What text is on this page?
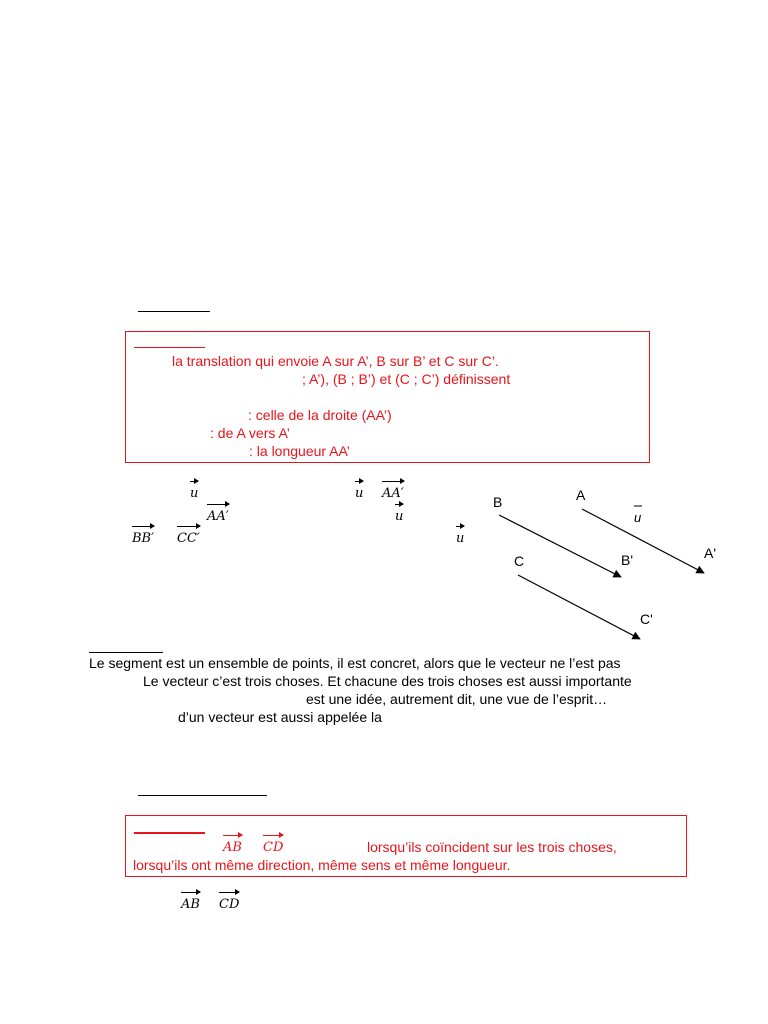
la translation qui envoie A sur A’, B sur B’ et C sur C’.
; A’), (B ; B’) et (C ; C’) définissent
: celle de la droite (AA’)
: de A vers A’
: la longueur AA’
u
AA′
u AA′
u
BB′ CC′	u
B	A
B'	A'
C
C'
u
Le segment est un ensemble de points, il est concret, alors que le vecteur ne l’est pas
Le vecteur c’est trois choses. Et chacune des trois choses est aussi importante
est une idée, autrement dit, une vue de l’esprit…
d’un vecteur est aussi appelée la
AB CD	lorsqu’ils coïncident sur les trois choses,
lorsqu’ils ont même direction, même sens et même longueur.
AB CD
